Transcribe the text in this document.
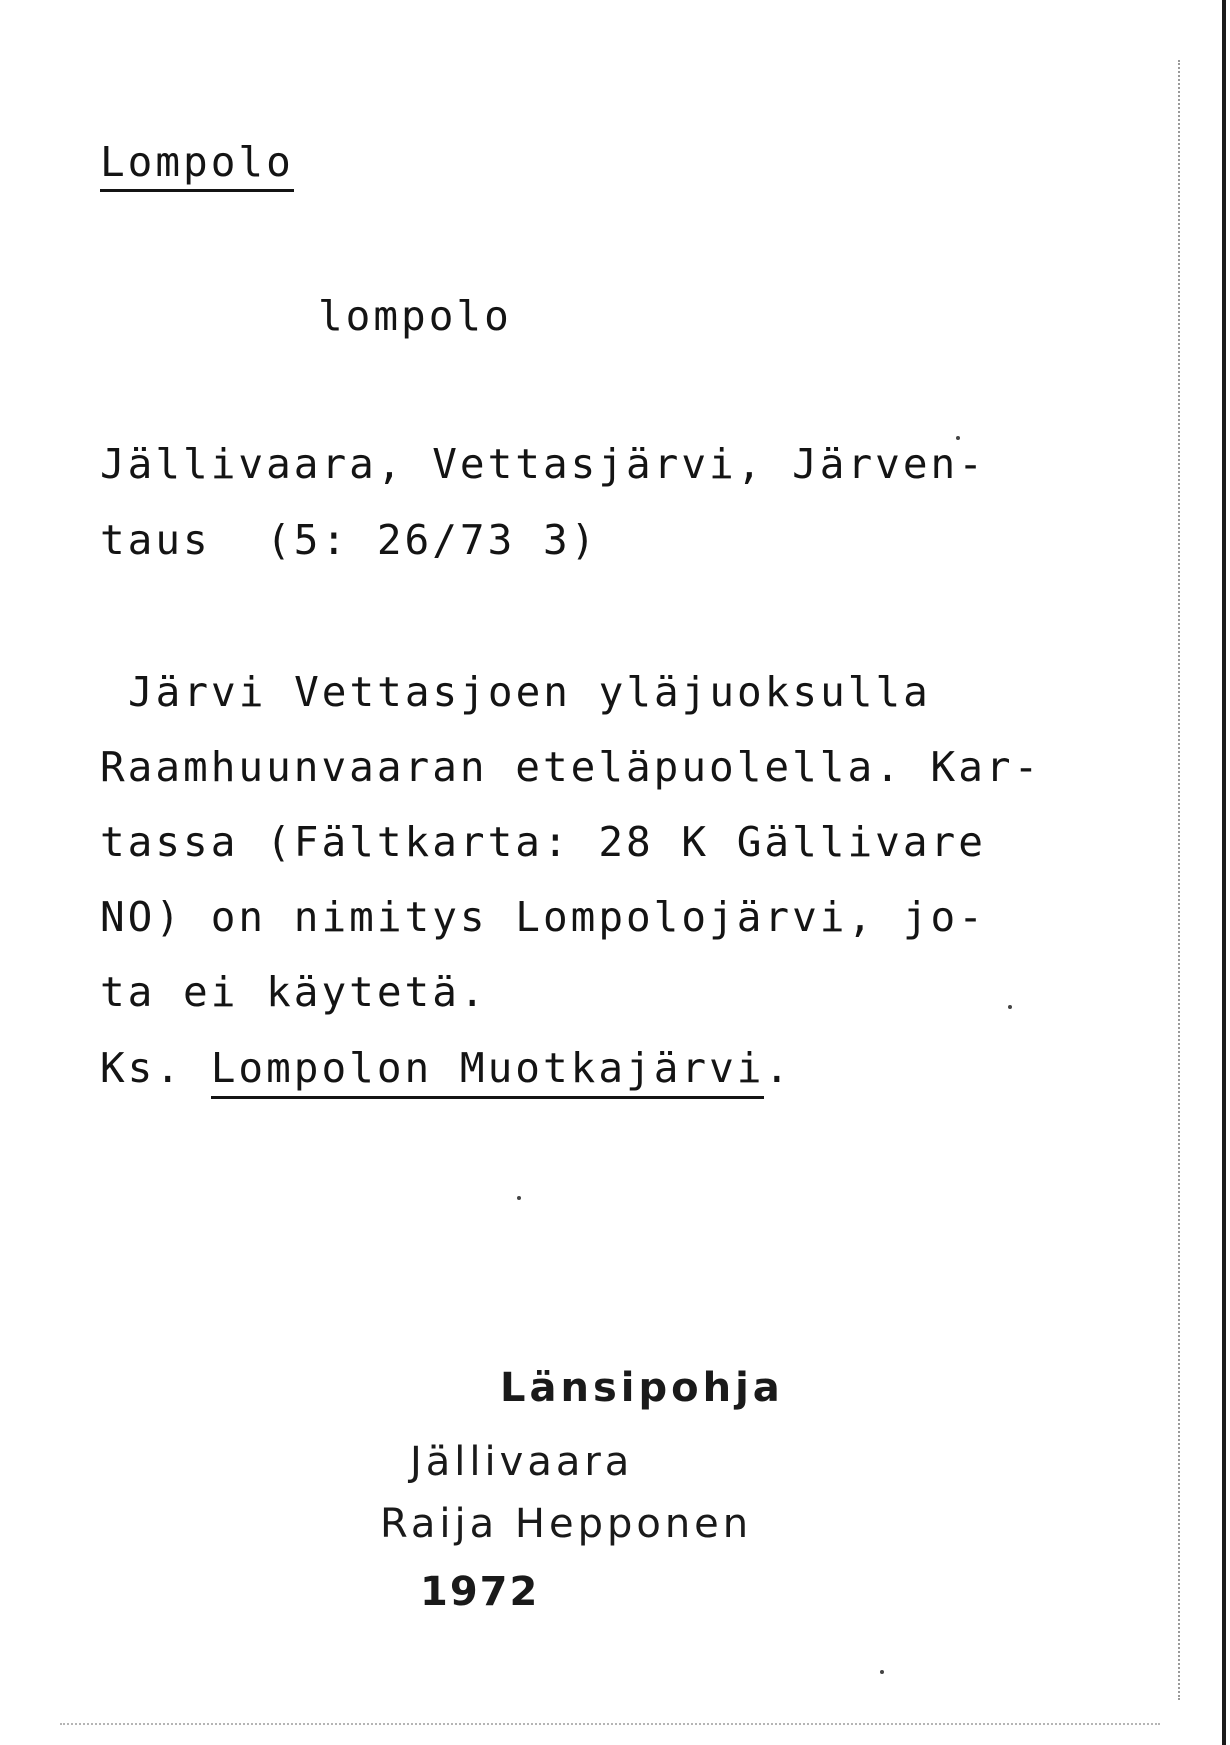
Lompolo
lompolo
Jällivaara, Vettasjärvi, Järven-
taus  (5: 26/73 3)
Järvi Vettasjoen yläjuoksulla
Raamhuunvaaran eteläpuolella. Kar-
tassa (Fältkarta: 28 K Gällivare
NO) on nimitys Lompolojärvi, jo-
ta ei käytetä.
Ks. Lompolon Muotkajärvi.
Länsipohja
Jällivaara
Raija Hepponen
1972
